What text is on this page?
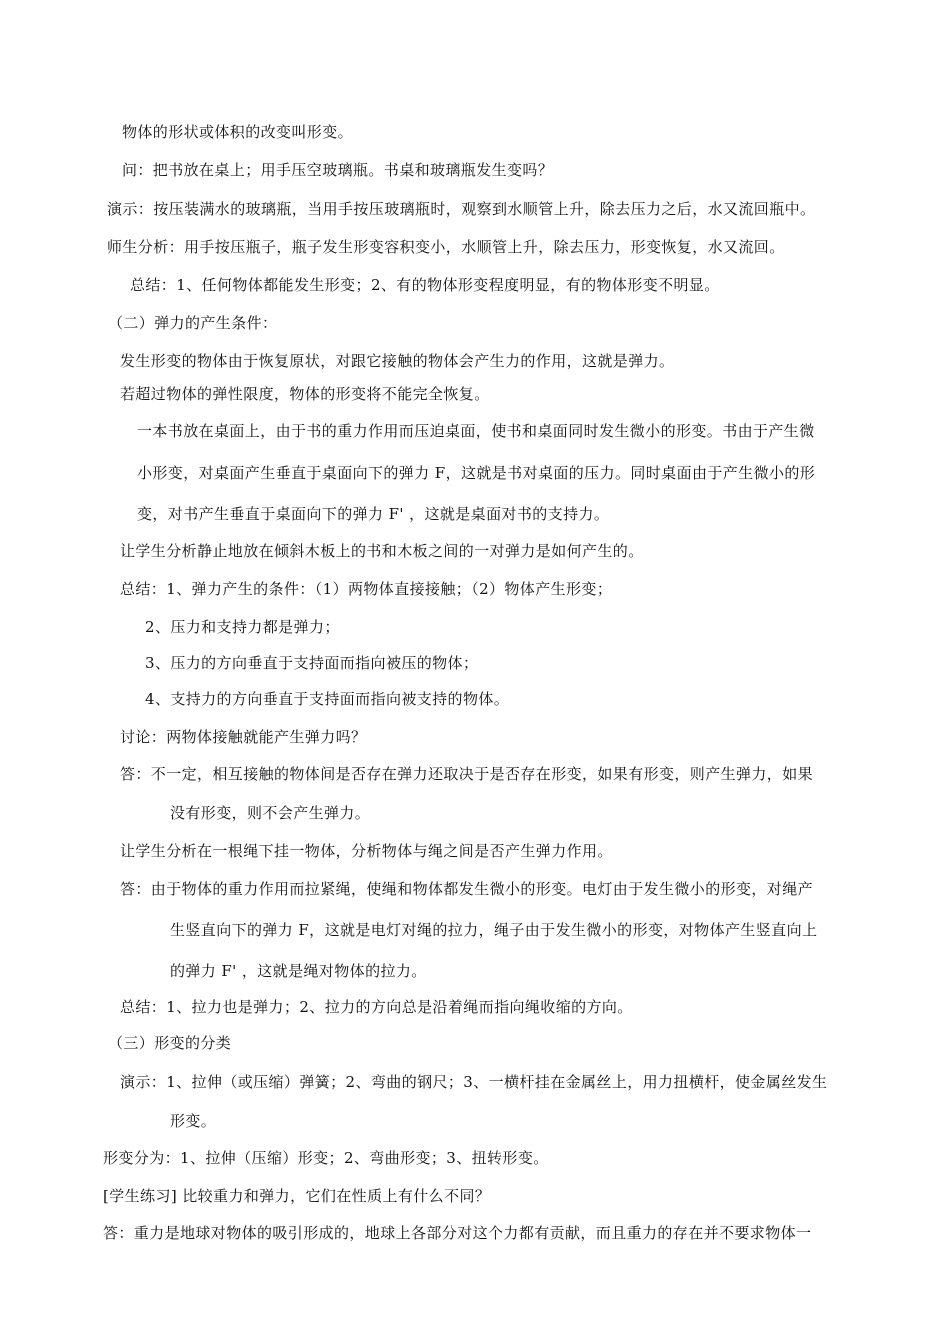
物体的形状或体积的改变叫形变。

问：把书放在桌上；用手压空玻璃瓶。书桌和玻璃瓶发生变吗？

演示：按压装满水的玻璃瓶，当用手按压玻璃瓶时，观察到水顺管上升，除去压力之后，水又流回瓶中。

师生分析：用手按压瓶子，瓶子发生形变容积变小，水顺管上升，除去压力，形变恢复，水又流回。

总结：1、任何物体都能发生形变；2、有的物体形变程度明显，有的物体形变不明显。

（二）弹力的产生条件：

发生形变的物体由于恢复原状，对跟它接触的物体会产生力的作用，这就是弹力。

若超过物体的弹性限度，物体的形变将不能完全恢复。

一本书放在桌面上，由于书的重力作用而压迫桌面，使书和桌面同时发生微小的形变。书由于产生微

小形变，对桌面产生垂直于桌面向下的弹力 F，这就是书对桌面的压力。同时桌面由于产生微小的形

变，对书产生垂直于桌面向下的弹力 F' ，这就是桌面对书的支持力。

让学生分析静止地放在倾斜木板上的书和木板之间的一对弹力是如何产生的。

总结：1、弹力产生的条件：（1）两物体直接接触；（2）物体产生形变；

2、压力和支持力都是弹力；

3、压力的方向垂直于支持面而指向被压的物体；

4、支持力的方向垂直于支持面而指向被支持的物体。

讨论：两物体接触就能产生弹力吗？

答：不一定，相互接触的物体间是否存在弹力还取决于是否存在形变，如果有形变，则产生弹力，如果

没有形变，则不会产生弹力。

让学生分析在一根绳下挂一物体，分析物体与绳之间是否产生弹力作用。

答：由于物体的重力作用而拉紧绳，使绳和物体都发生微小的形变。电灯由于发生微小的形变，对绳产

生竖直向下的弹力 F，这就是电灯对绳的拉力，绳子由于发生微小的形变，对物体产生竖直向上

的弹力 F' ，这就是绳对物体的拉力。

总结：1、拉力也是弹力；2、拉力的方向总是沿着绳而指向绳收缩的方向。

（三）形变的分类

演示：1、拉伸（或压缩）弹簧；2、弯曲的钢尺；3、一横杆挂在金属丝上，用力扭横杆，使金属丝发生

形变。

形变分为：1、拉伸（压缩）形变；2、弯曲形变；3、扭转形变。

[学生练习] 比较重力和弹力，它们在性质上有什么不同？

答：重力是地球对物体的吸引形成的，地球上各部分对这个力都有贡献，而且重力的存在并不要求物体一
